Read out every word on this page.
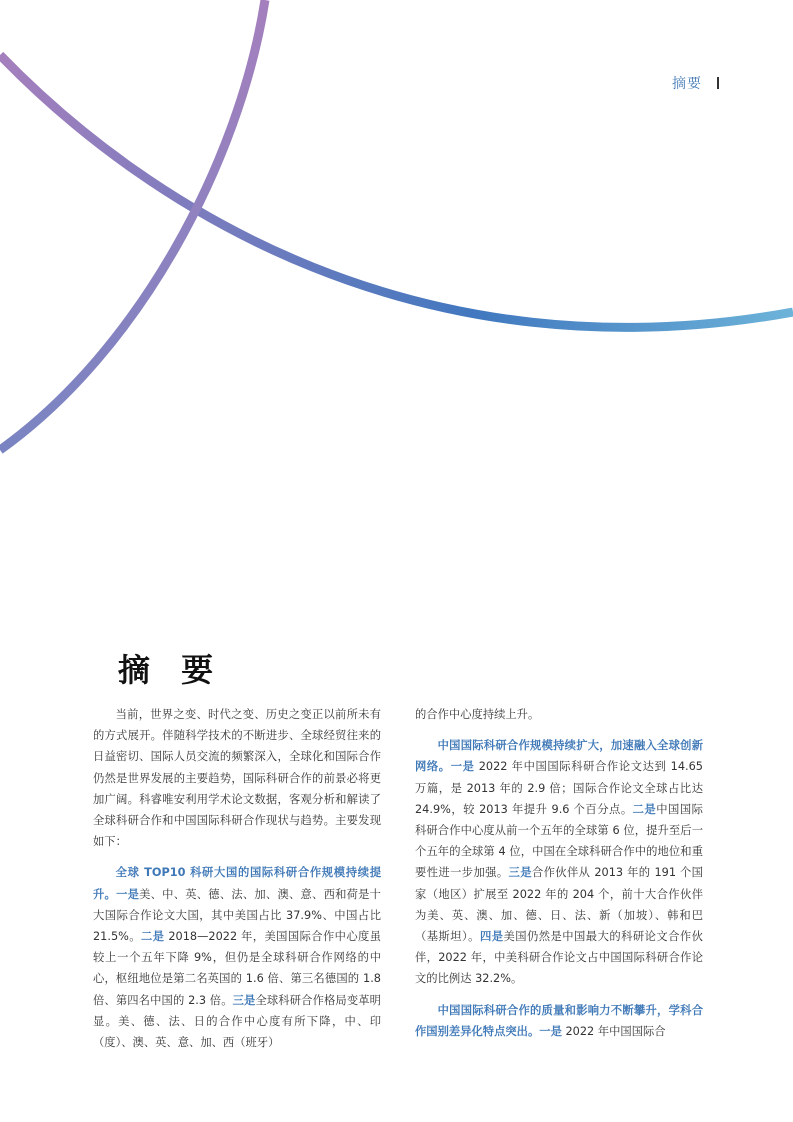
摘要
摘 要

当前，世界之变、时代之变、历史之变正以前所未有的方式展开。伴随科学技术的不断进步、全球经贸往来的日益密切、国际人员交流的频繁深入，全球化和国际合作仍然是世界发展的主要趋势，国际科研合作的前景必将更加广阔。科睿唯安利用学术论文数据，客观分析和解读了全球科研合作和中国国际科研合作现状与趋势。主要发现如下：

全球 TOP10 科研大国的国际科研合作规模持续提升。一是美、中、英、德、法、加、澳、意、西和荷是十大国际合作论文大国，其中美国占比 37.9%、中国占比 21.5%。二是 2018—2022 年，美国国际合作中心度虽较上一个五年下降 9%，但仍是全球科研合作网络的中心，枢纽地位是第二名英国的 1.6 倍、第三名德国的 1.8 倍、第四名中国的 2.3 倍。三是全球科研合作格局变革明显。美、德、法、日的合作中心度有所下降，中、印（度）、澳、英、意、加、西（班牙）

的合作中心度持续上升。

中国国际科研合作规模持续扩大，加速融入全球创新网络。一是 2022 年中国国际科研合作论文达到 14.65 万篇，是 2013 年的 2.9 倍；国际合作论文全球占比达 24.9%，较 2013 年提升 9.6 个百分点。二是中国国际科研合作中心度从前一个五年的全球第 6 位，提升至后一个五年的全球第 4 位，中国在全球科研合作中的地位和重要性进一步加强。三是合作伙伴从 2013 年的 191 个国家（地区）扩展至 2022 年的 204 个，前十大合作伙伴为美、英、澳、加、德、日、法、新（加坡）、韩和巴（基斯坦）。四是美国仍然是中国最大的科研论文合作伙伴，2022 年，中美科研合作论文占中国国际科研合作论文的比例达 32.2%。

中国国际科研合作的质量和影响力不断攀升，学科合作国别差异化特点突出。一是 2022 年中国国际合
